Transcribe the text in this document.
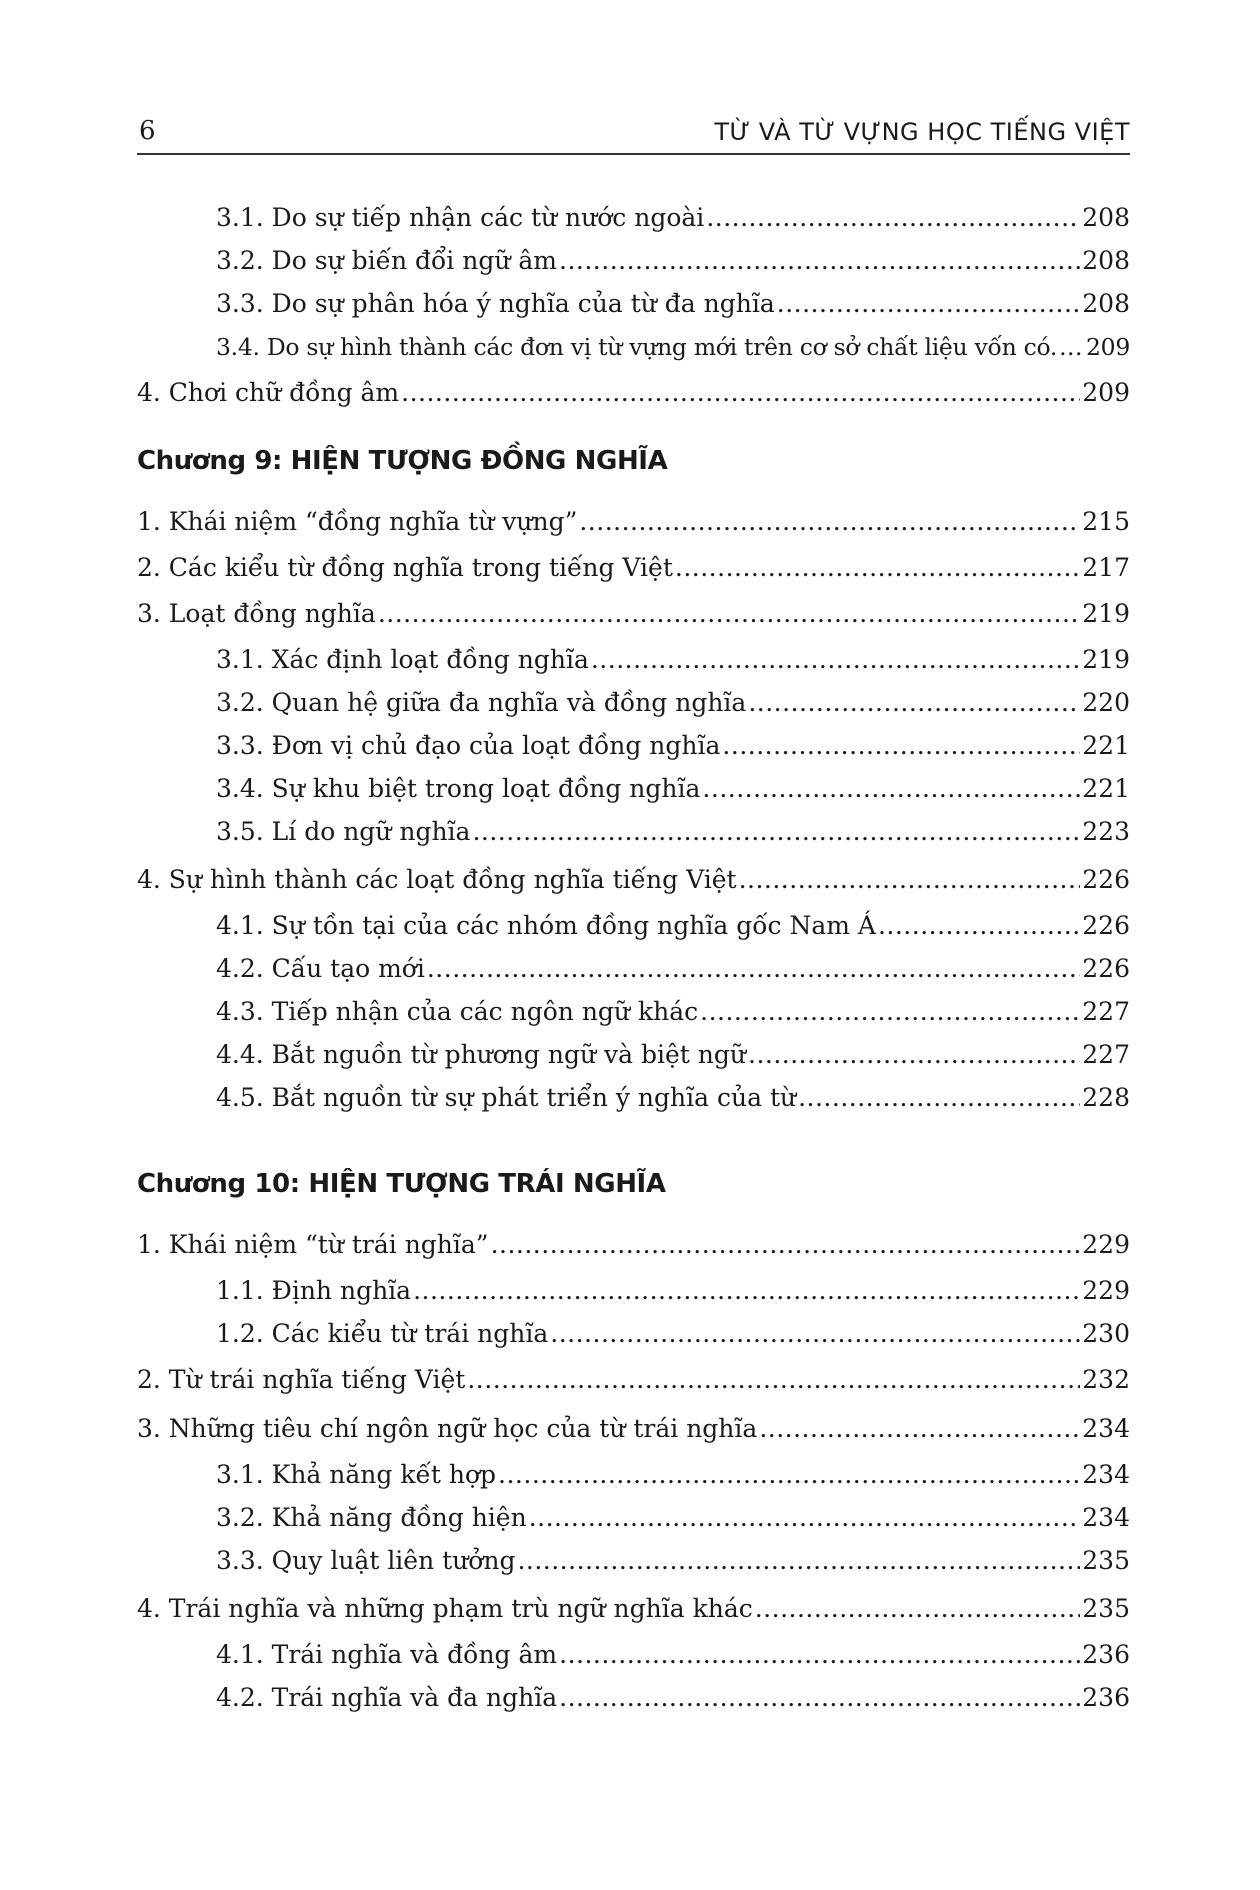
6	TỪ VÀ TỪ VỰNG HỌC TIẾNG VIỆT
3.1. Do sự tiếp nhận các từ nước ngoài .....	208
3.2. Do sự biến đổi ngữ âm .....	208
3.3. Do sự phân hóa ý nghĩa của từ đa nghĩa .....	208
3.4. Do sự hình thành các đơn vị từ vựng mới trên cơ sở chất liệu vốn có. ..... 209
4. Chơi chữ đồng âm .....	209
Chương 9: HIỆN TƯỢNG ĐỒNG NGHĨA
1. Khái niệm “đồng nghĩa từ vựng” .....	215
2. Các kiểu từ đồng nghĩa trong tiếng Việt .....	217
3. Loạt đồng nghĩa .....	219
3.1. Xác định loạt đồng nghĩa .....	219
3.2. Quan hệ giữa đa nghĩa và đồng nghĩa .....	220
3.3. Đơn vị chủ đạo của loạt đồng nghĩa .....	221
3.4. Sự khu biệt trong loạt đồng nghĩa .....	221
3.5. Lí do ngữ nghĩa .....	223
4. Sự hình thành các loạt đồng nghĩa tiếng Việt .....	226
4.1. Sự tồn tại của các nhóm đồng nghĩa gốc Nam Á .....	226
4.2. Cấu tạo mới .....	226
4.3. Tiếp nhận của các ngôn ngữ khác .....	227
4.4. Bắt nguồn từ phương ngữ và biệt ngữ .....	227
4.5. Bắt nguồn từ sự phát triển ý nghĩa của từ .....	228
Chương 10: HIỆN TƯỢNG TRÁI NGHĨA
1. Khái niệm “từ trái nghĩa” .....	229
1.1. Định nghĩa .....	229
1.2. Các kiểu từ trái nghĩa .....	230
2. Từ trái nghĩa tiếng Việt .....	232
3. Những tiêu chí ngôn ngữ học của từ trái nghĩa .....	234
3.1. Khả năng kết hợp .....	234
3.2. Khả năng đồng hiện .....	234
3.3. Quy luật liên tưởng .....	235
4. Trái nghĩa và những phạm trù ngữ nghĩa khác .....	235
4.1. Trái nghĩa và đồng âm .....	236
4.2. Trái nghĩa và đa nghĩa .....	236
